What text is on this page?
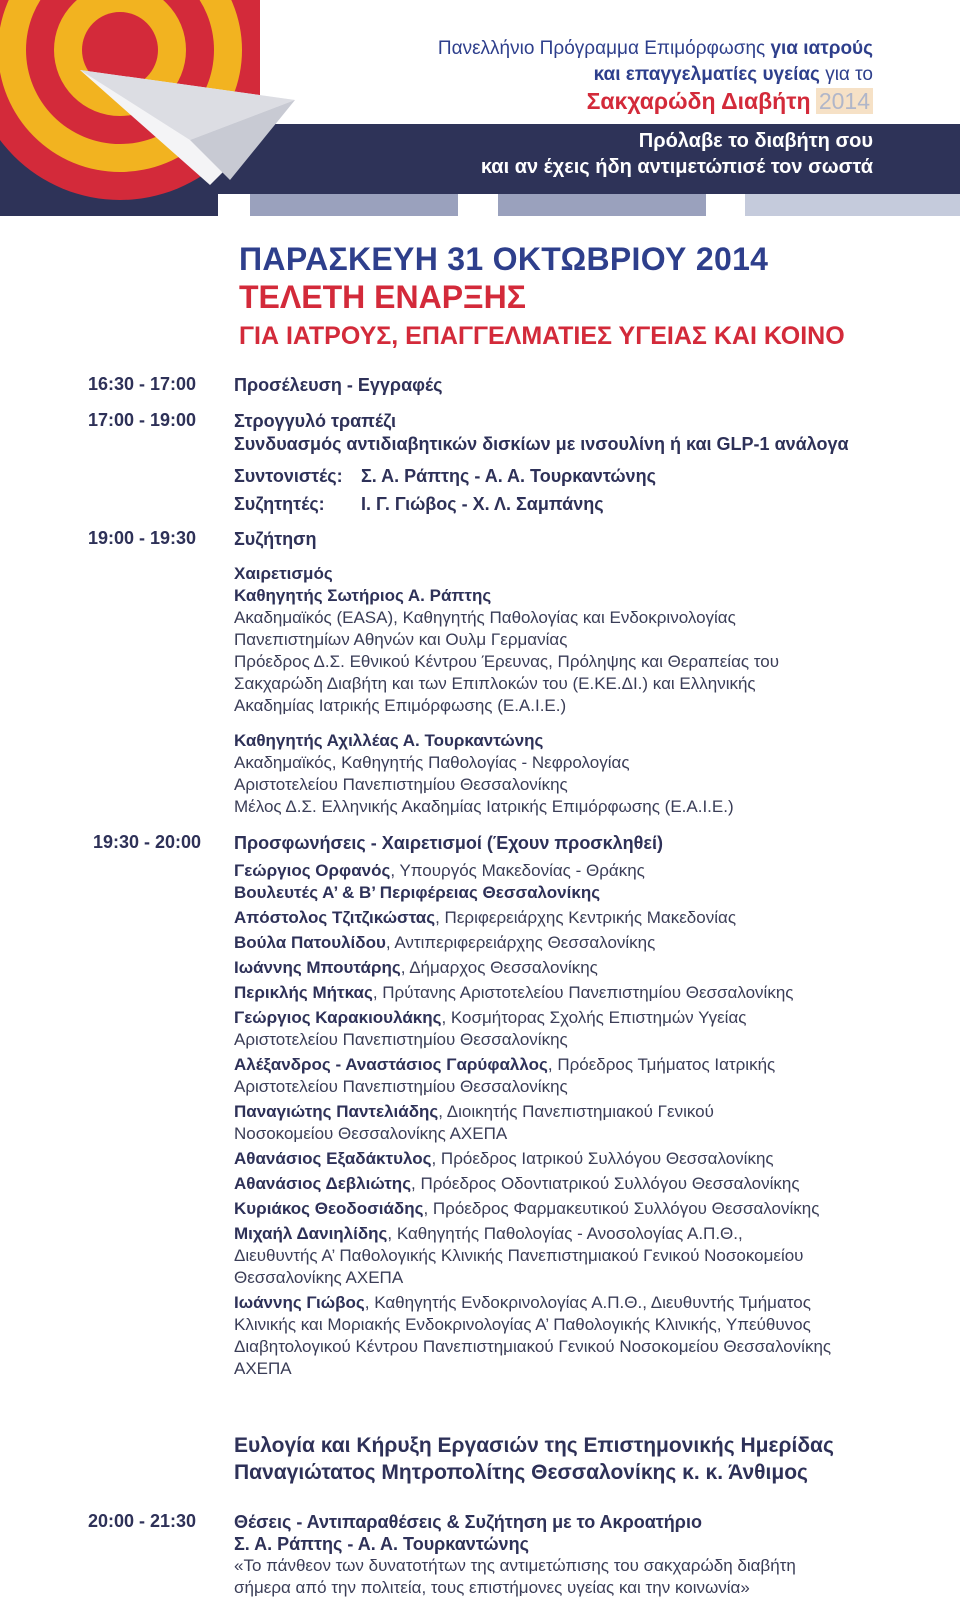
Πανελλήνιο Πρόγραμμα Επιμόρφωσης για ιατρούς
και επαγγελματίες υγείας για το
Σακχαρώδη Διαβήτη 2014
Πρόλαβε το διαβήτη σου
και αν έχεις ήδη αντιμετώπισέ τον σωστά
ΠΑΡΑΣΚΕΥΗ 31 ΟΚΤΩΒΡΙΟΥ 2014
ΤΕΛΕΤΗ ΕΝΑΡΞΗΣ
ΓΙΑ ΙΑΤΡΟΥΣ, ΕΠΑΓΓΕΛΜΑΤΙΕΣ ΥΓΕΙΑΣ ΚΑΙ ΚΟΙΝΟ
16:30 - 17:00 Προσέλευση - Εγγραφές
17:00 - 19:00 Στρογγυλό τραπέζι
Συνδυασμός αντιδιαβητικών δισκίων με ινσουλίνη ή και GLP-1 ανάλογα
Συντονιστές:	Σ. Α. Ράπτης - Α. Α. Τουρκαντώνης
Συζητητές:	Ι. Γ. Γιώβος - Χ. Λ. Σαμπάνης
19:00 - 19:30 Συζήτηση
Χαιρετισμός
Καθηγητής Σωτήριος Α. Ράπτης
Ακαδημαϊκός (EASA), Καθηγητής Παθολογίας και Ενδοκρινολογίας
Πανεπιστημίων Αθηνών και Ουλμ Γερμανίας
Πρόεδρος Δ.Σ. Εθνικού Κέντρου Έρευνας, Πρόληψης και Θεραπείας του
Σακχαρώδη Διαβήτη και των Επιπλοκών του (Ε.ΚΕ.ΔΙ.) και Ελληνικής
Ακαδημίας Ιατρικής Επιμόρφωσης (Ε.Α.Ι.Ε.)
Καθηγητής Αχιλλέας Α. Τουρκαντώνης
Ακαδημαϊκός, Καθηγητής Παθολογίας - Νεφρολογίας
Αριστοτελείου Πανεπιστημίου Θεσσαλονίκης
Μέλος Δ.Σ. Ελληνικής Ακαδημίας Ιατρικής Επιμόρφωσης (Ε.Α.Ι.Ε.)
19:30 - 20:00 Προσφωνήσεις - Χαιρετισμοί (Έχουν προσκληθεί)
Γεώργιος Ορφανός, Υπουργός Μακεδονίας - Θράκης
Βουλευτές Α’ & Β’ Περιφέρειας Θεσσαλονίκης
Απόστολος Τζιτζικώστας, Περιφερειάρχης Κεντρικής Μακεδονίας
Βούλα Πατουλίδου, Αντιπεριφερειάρχης Θεσσαλονίκης
Ιωάννης Μπουτάρης, Δήμαρχος Θεσσαλονίκης
Περικλής Μήτκας, Πρύτανης Αριστοτελείου Πανεπιστημίου Θεσσαλονίκης
Γεώργιος Καρακιουλάκης, Κοσμήτορας Σχολής Επιστημών Υγείας
Αριστοτελείου Πανεπιστημίου Θεσσαλονίκης
Αλέξανδρος - Αναστάσιος Γαρύφαλλος, Πρόεδρος Τμήματος Ιατρικής
Αριστοτελείου Πανεπιστημίου Θεσσαλονίκης
Παναγιώτης Παντελιάδης, Διοικητής Πανεπιστημιακού Γενικού
Νοσοκομείου Θεσσαλονίκης ΑΧΕΠΑ
Αθανάσιος Εξαδάκτυλος, Πρόεδρος Ιατρικού Συλλόγου Θεσσαλονίκης
Αθανάσιος Δεβλιώτης, Πρόεδρος Οδοντιατρικού Συλλόγου Θεσσαλονίκης
Κυριάκος Θεοδοσιάδης, Πρόεδρος Φαρμακευτικού Συλλόγου Θεσσαλονίκης
Μιχαήλ Δανιηλίδης, Καθηγητής Παθολογίας - Ανοσολογίας Α.Π.Θ.,
Διευθυντής Α’ Παθολογικής Κλινικής Πανεπιστημιακού Γενικού Νοσοκομείου
Θεσσαλονίκης ΑΧΕΠΑ
Ιωάννης Γιώβος, Καθηγητής Ενδοκρινολογίας Α.Π.Θ., Διευθυντής Τμήματος
Κλινικής και Μοριακής Ενδοκρινολογίας Α’ Παθολογικής Κλινικής, Υπεύθυνος
Διαβητολογικού Κέντρου Πανεπιστημιακού Γενικού Νοσοκομείου Θεσσαλονίκης
ΑΧΕΠΑ
Ευλογία και Κήρυξη Εργασιών της Επιστημονικής Ημερίδας
Παναγιώτατος Μητροπολίτης Θεσσαλονίκης κ. κ. Άνθιμος
20:00 - 21:30 Θέσεις - Αντιπαραθέσεις & Συζήτηση με το Ακροατήριο
Σ. Α. Ράπτης - Α. Α. Τουρκαντώνης
«Το πάνθεον των δυνατοτήτων της αντιμετώπισης του σακχαρώδη διαβήτη
σήμερα από την πολιτεία, τους επιστήμονες υγείας και την κοινωνία»
